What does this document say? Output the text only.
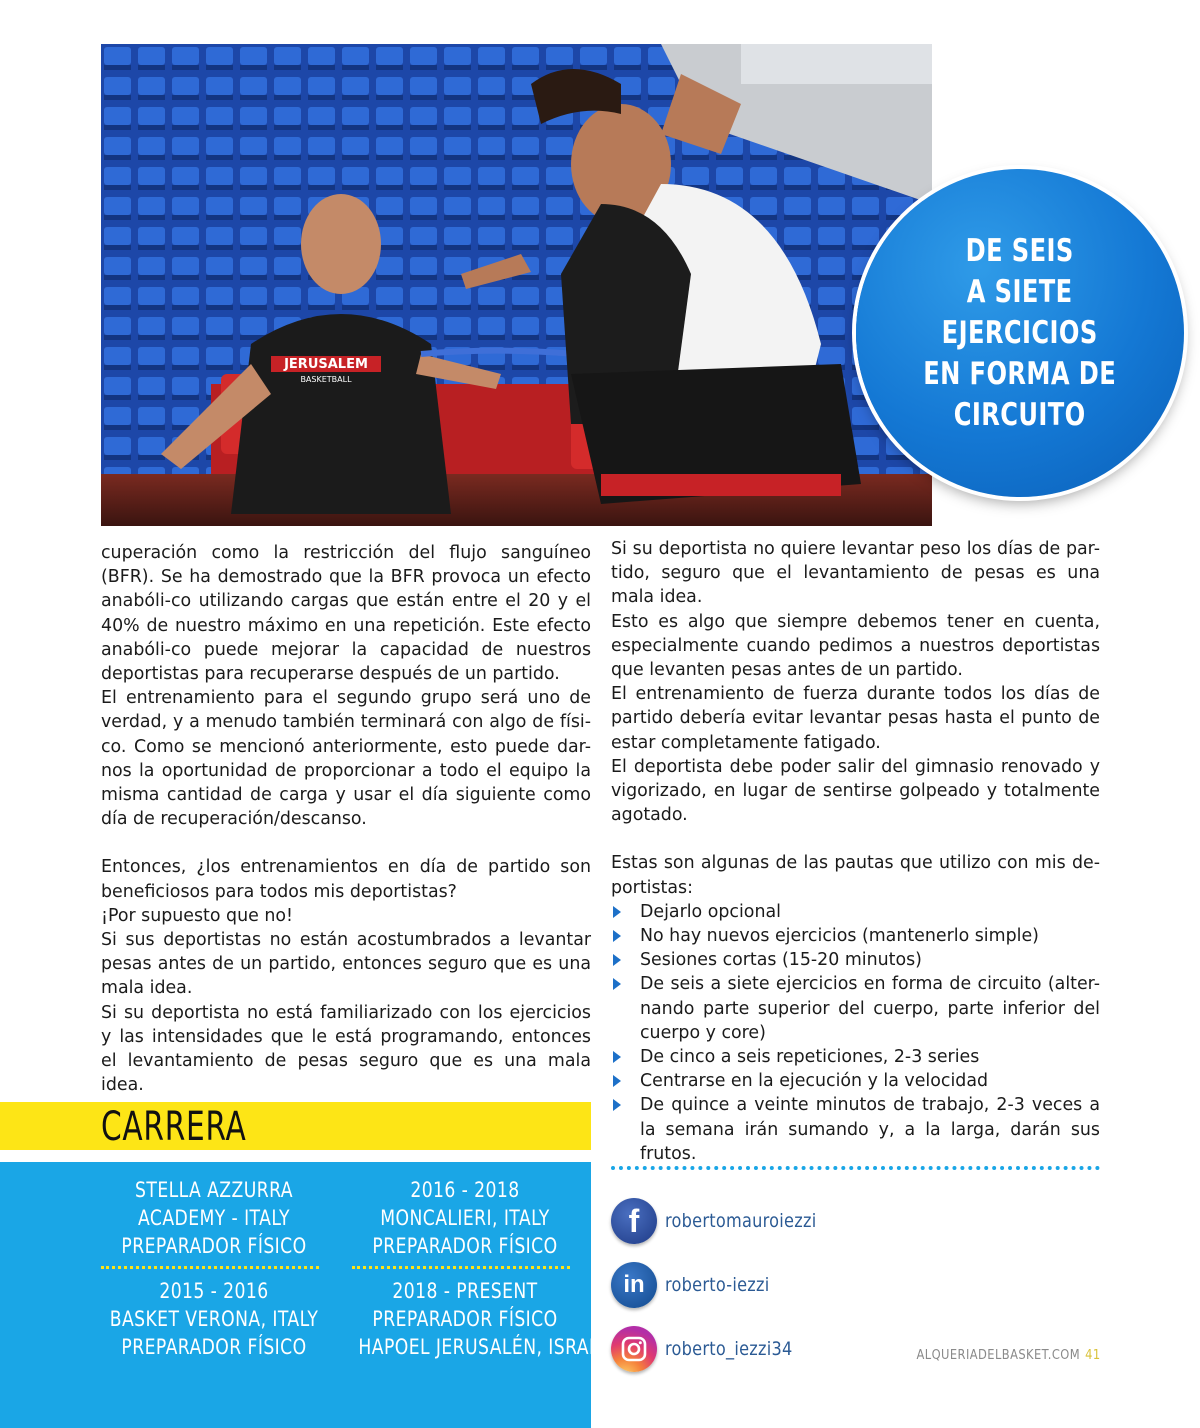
JERUSALEM
BASKETBALL
DE SEIS
A SIETE
EJERCICIOS
EN FORMA DE
CIRCUITO

cuperación como la restricción del flujo sanguíneo (BFR). Se ha demostrado que la BFR provoca un efecto anabóli-co utilizando cargas que están entre el 20 y el 40% de nuestro máximo en una repetición. Este efecto anabóli-co puede mejorar la capacidad de nuestros deportistas para recuperarse después de un partido.

El entrenamiento para el segundo grupo será uno de verdad, y a menudo también terminará con algo de físi-co. Como se mencionó anteriormente, esto puede dar-nos la oportunidad de proporcionar a todo el equipo la misma cantidad de carga y usar el día siguiente como día de recuperación/descanso.

Entonces, ¿los entrenamientos en día de partido son beneficiosos para todos mis deportistas?

¡Por supuesto que no!

Si sus deportistas no están acostumbrados a levantar pesas antes de un partido, entonces seguro que es una mala idea.

Si su deportista no está familiarizado con los ejercicios y las intensidades que le está programando, entonces el levantamiento de pesas seguro que es una mala idea.

Si su deportista no quiere levantar peso los días de par-tido, seguro que el levantamiento de pesas es una mala idea.

Esto es algo que siempre debemos tener en cuenta, especialmente cuando pedimos a nuestros deportistas que levanten pesas antes de un partido.

El entrenamiento de fuerza durante todos los días de partido debería evitar levantar pesas hasta el punto de estar completamente fatigado.

El deportista debe poder salir del gimnasio renovado y vigorizado, en lugar de sentirse golpeado y totalmente agotado.

Estas son algunas de las pautas que utilizo con mis de-portistas:

Dejarlo opcional
No hay nuevos ejercicios (mantenerlo simple)
Sesiones cortas (15-20 minutos)
De seis a siete ejercicios en forma de circuito (alter-nando parte superior del cuerpo, parte inferior del cuerpo y core)
De cinco a seis repeticiones, 2-3 series
Centrarse en la ejecución y la velocidad
De quince a veinte minutos de trabajo, 2-3 veces a la semana irán sumando y, a la larga, darán sus frutos.
CARRERA
STELLA AZZURRA
ACADEMY - ITALY
PREPARADOR FÍSICO
2016 - 2018
MONCALIERI, ITALY
PREPARADOR FÍSICO
2015 - 2016
BASKET VERONA, ITALY
PREPARADOR FÍSICO
2018 - PRESENT
PREPARADOR FÍSICO
HAPOEL JERUSALÉN, ISRAEL
f	robertomauroiezzi
in	roberto-iezzi
roberto_iezzi34	ALQUERIADELBASKET.COM 41
